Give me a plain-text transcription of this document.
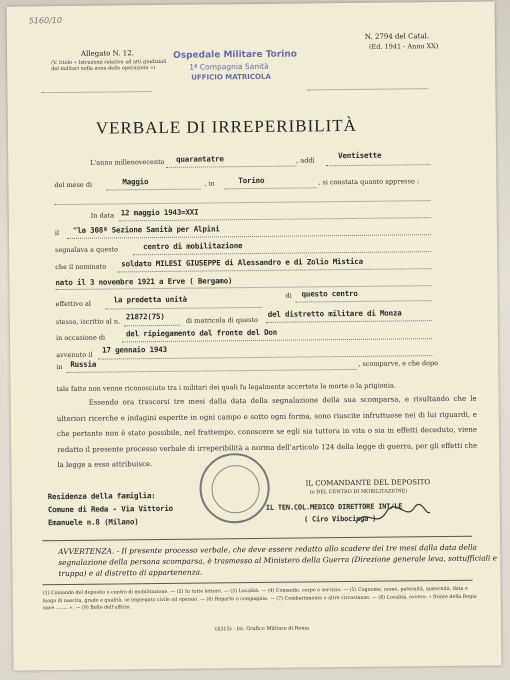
5160/10
Allegato N. 12.
(V. titolo « Istruzioni relative ad atti giudiziali del militari nella zona delle operazioni »)
Ospedale Militare Torino
1ª Compagnia Sanità
UFFICIO MATRICOLA
N. 2794 del Catal.
(Ed. 1941 - Anno XX)
VERBALE DI IRREPERIBILITÀ
L'anno millenovecento quarantatre	, addì
Ventisette
del mese di	Maggio	, in	Torino	, si constata quanto appresso :
In data 12 maggio 1943=XXI
il "la 308ª Sezione Sanità per Alpini
segnalava a questo	centro di mobilitazione
che il nominato soldato MILESI GIUSEPPE di Alessandro e di Zolio Mistica
nato il 3 novembre 1921 a Erve ( Bergamo)
effettivo al	la predetta unità	di questo centro
stesso, iscritto al n.
21872(75)	di matricola di questo
del distretto militare di Monza
in occasione di	del ripiegamento dal fronte del Don
avvenuto il
17 gennaio 1943
in Russia	, scomparve, e che dopo
tale fatto non venne riconosciuto tra i militari dei quali fu legalmente accertata la morte o la prigionia.
Essendo ora trascorsi tre mesi dalla data della segnalazione della sua scomparsa, e risultando che le ulteriori ricerche e indagini esperite in ogni campo e sotto ogni forma, sono riuscite infruttuose nei di lui riguardi, e che pertanto non è stato possibile, nel frattempo, conoscere se egli sia tuttora in vita o sia in effetti deceduto, viene redatto il presente processo verbale di irreperibilità a norma dell'articolo 124 della legge di guerra, per gli effetti che la legge a esso attribuisce.
Residenza della famiglia:
Comune di Reda - Via Vittorio
Emanuele n.8 (Milano)
IL COMANDANTE DEL DEPOSITO
(o DEL CENTRO DI MOBILITAZIONE)
IL TEN.COL.MEDICO DIRETTORE INT/LE
( Ciro Vibocinga )
AVVERTENZA. - Il presente processo verbale, che deve essere redatto allo scadere dei tre mesi dalla data della segnalazione della persona scomparsa, è trasmesso al Ministero della Guerra (Direzione generale leva, sottufficiali e truppa) e al distretto di appartenenza.
(1) Comando del deposito o centro di mobilitazione. — (2) In tutte lettere. — (3) Località. — (4) Comando, corpo o servizio. — (5) Cognome, nome, paternità, maternità, data e luogo di nascita, grado e qualità, se impiegato civile od operaio. — (6) Reparto o compagnia. — (7) Combattimento o altre circostanze. — (8) Località, ovvero: « fronte della Regia nave ........ ». — (9) Bollo dell'ufficio.
(4315) - Ist. Grafico Militare di Roma
